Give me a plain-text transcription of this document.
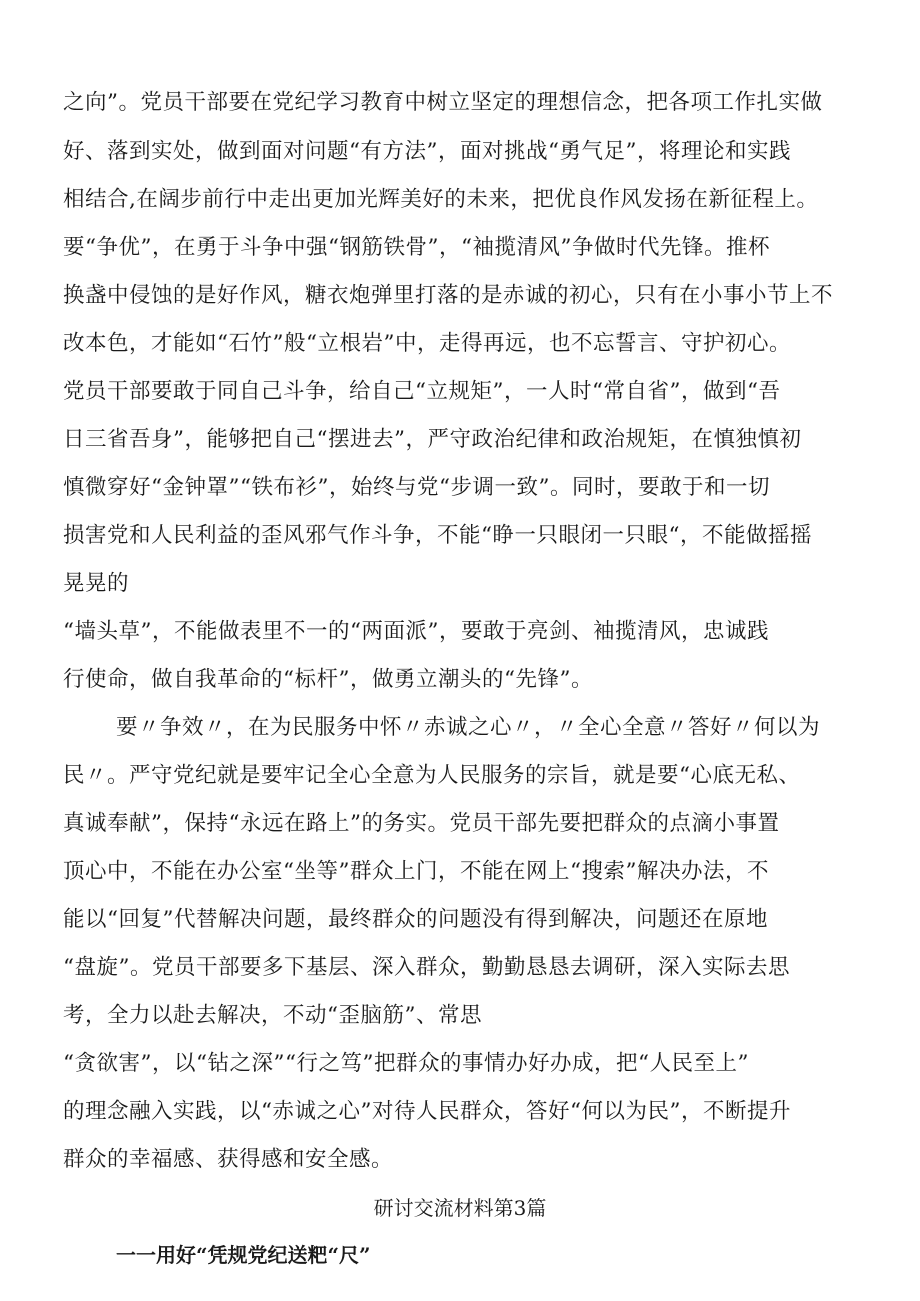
之向”。党员干部要在党纪学习教育中树立坚定的理想信念，把各项工作扎实做
好、落到实处，做到面对问题“有方法”，面对挑战“勇气足”，将理论和实践
相结合,在阔步前行中走出更加光辉美好的未来，把优良作风发扬在新征程上。
要“争优”，在勇于斗争中强“钢筋铁骨”，“袖揽清风”争做时代先锋。推杯
换盏中侵蚀的是好作风，糖衣炮弹里打落的是赤诚的初心，只有在小事小节上不
改本色，才能如“石竹”般“立根岩”中，走得再远，也不忘誓言、守护初心。
党员干部要敢于同自己斗争，给自己“立规矩”，一人时“常自省”，做到“吾
日三省吾身”，能够把自己“摆进去”，严守政治纪律和政治规矩，在慎独慎初
慎微穿好“金钟罩”“铁布衫”，始终与党“步调一致”。同时，要敢于和一切
损害党和人民利益的歪风邪气作斗争，不能“睁一只眼闭一只眼“，不能做摇摇
晃晃的
“墙头草”，不能做表里不一的“两面派”，要敢于亮剑、袖揽清风，忠诚践
行使命，做自我革命的“标杆”，做勇立潮头的“先锋”。
要〃争效〃，在为民服务中怀〃赤诚之心〃，〃全心全意〃答好〃何以为
民〃。严守党纪就是要牢记全心全意为人民服务的宗旨，就是要“心底无私、
真诚奉献”，保持“永远在路上”的务实。党员干部先要把群众的点滴小事置
顶心中，不能在办公室“坐等”群众上门，不能在网上“搜索”解决办法，不
能以“回复”代替解决问题，最终群众的问题没有得到解决，问题还在原地
“盘旋”。党员干部要多下基层、深入群众，勤勤恳恳去调研，深入实际去思
考，全力以赴去解决，不动“歪脑筋”、常思
“贪欲害”，以“钻之深”“行之笃”把群众的事情办好办成，把“人民至上”
的理念融入实践，以“赤诚之心”对待人民群众，答好“何以为民”，不断提升
群众的幸福感、获得感和安全感。
研讨交流材料第3篇
一一用好“凭规党纪送粑“尺”
